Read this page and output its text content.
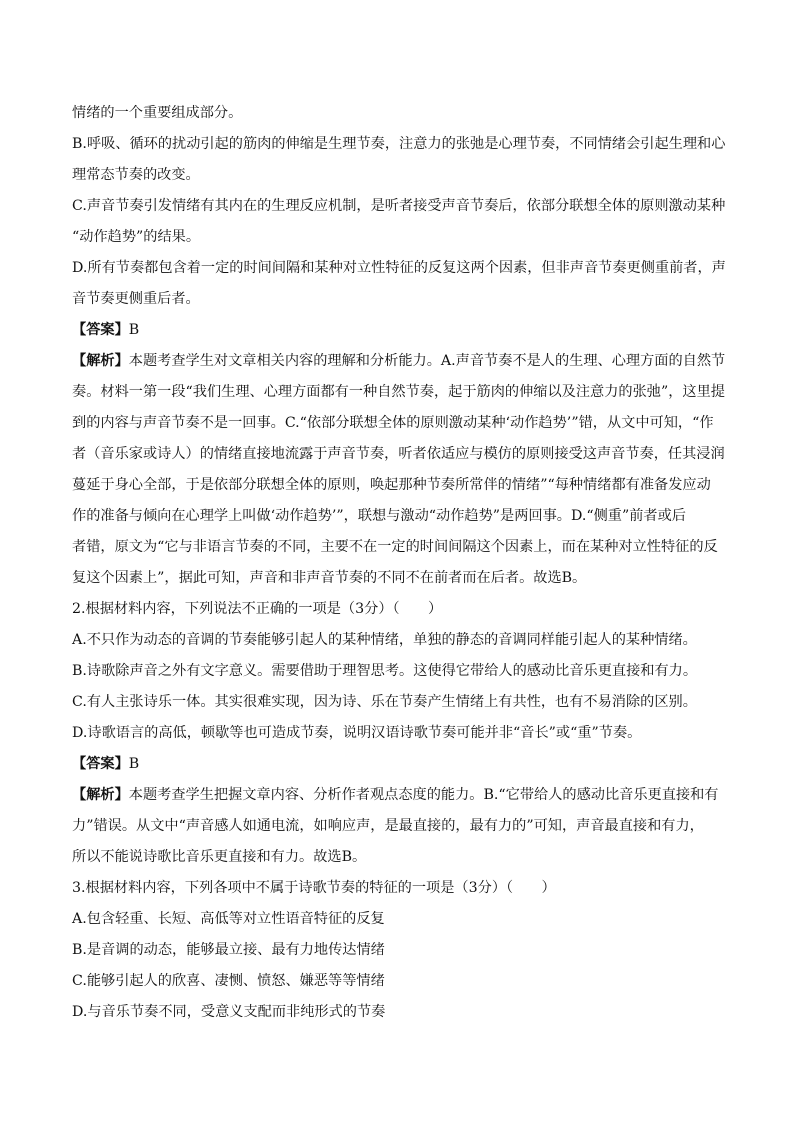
情绪的一个重要组成部分。

B.呼吸、循环的扰动引起的筋肉的伸缩是生理节奏，注意力的张弛是心理节奏，不同情绪会引起生理和心

理常态节奏的改变。

C.声音节奏引发情绪有其内在的生理反应机制，是听者接受声音节奏后，依部分联想全体的原则激动某种

“动作趋势”的结果。

D.所有节奏都包含着一定的时间间隔和某种对立性特征的反复这两个因素，但非声音节奏更侧重前者，声

音节奏更侧重后者。

【答案】B

【解析】本题考查学生对文章相关内容的理解和分析能力。A.声音节奏不是人的生理、心理方面的自然节

奏。材料一第一段“我们生理、心理方面都有一种自然节奏，起于筋肉的伸缩以及注意力的张弛”，这里提

到的内容与声音节奏不是一回事。C.“依部分联想全体的原则激动某种‘动作趋势’”错，从文中可知，“作

者（音乐家或诗人）的情绪直接地流露于声音节奏，听者依适应与模仿的原则接受这声音节奏，任其浸润

蔓延于身心全部，于是依部分联想全体的原则，唤起那种节奏所常伴的情绪”“每种情绪都有准备发应动

作的准备与倾向在心理学上叫做‘动作趋势’”，联想与激动“动作趋势”是两回事。D.“侧重”前者或后

者错，原文为“它与非语言节奏的不同，主要不在一定的时间间隔这个因素上，而在某种对立性特征的反

复这个因素上”，据此可知，声音和非声音节奏的不同不在前者而在后者。故选B。

2.根据材料内容，下列说法不正确的一项是（3分）（　　）

A.不只作为动态的音调的节奏能够引起人的某种情绪，单独的静态的音调同样能引起人的某种情绪。

B.诗歌除声音之外有文字意义。需要借助于理智思考。这使得它带给人的感动比音乐更直接和有力。

C.有人主张诗乐一体。其实很难实现，因为诗、乐在节奏产生情绪上有共性，也有不易消除的区别。

D.诗歌语言的高低，顿歇等也可造成节奏，说明汉语诗歌节奏可能并非“音长”或“重”节奏。

【答案】B

【解析】本题考查学生把握文章内容、分析作者观点态度的能力。B.“它带给人的感动比音乐更直接和有

力”错误。从文中“声音感人如通电流，如响应声，是最直接的，最有力的”可知，声音最直接和有力，

所以不能说诗歌比音乐更直接和有力。故选B。

3.根据材料内容，下列各项中不属于诗歌节奏的特征的一项是（3分）（　　）

A.包含轻重、长短、高低等对立性语音特征的反复

B.是音调的动态，能够最立接、最有力地传达情绪

C.能够引起人的欣喜、凄恻、愤怒、嫌恶等等情绪

D.与音乐节奏不同，受意义支配而非纯形式的节奏
